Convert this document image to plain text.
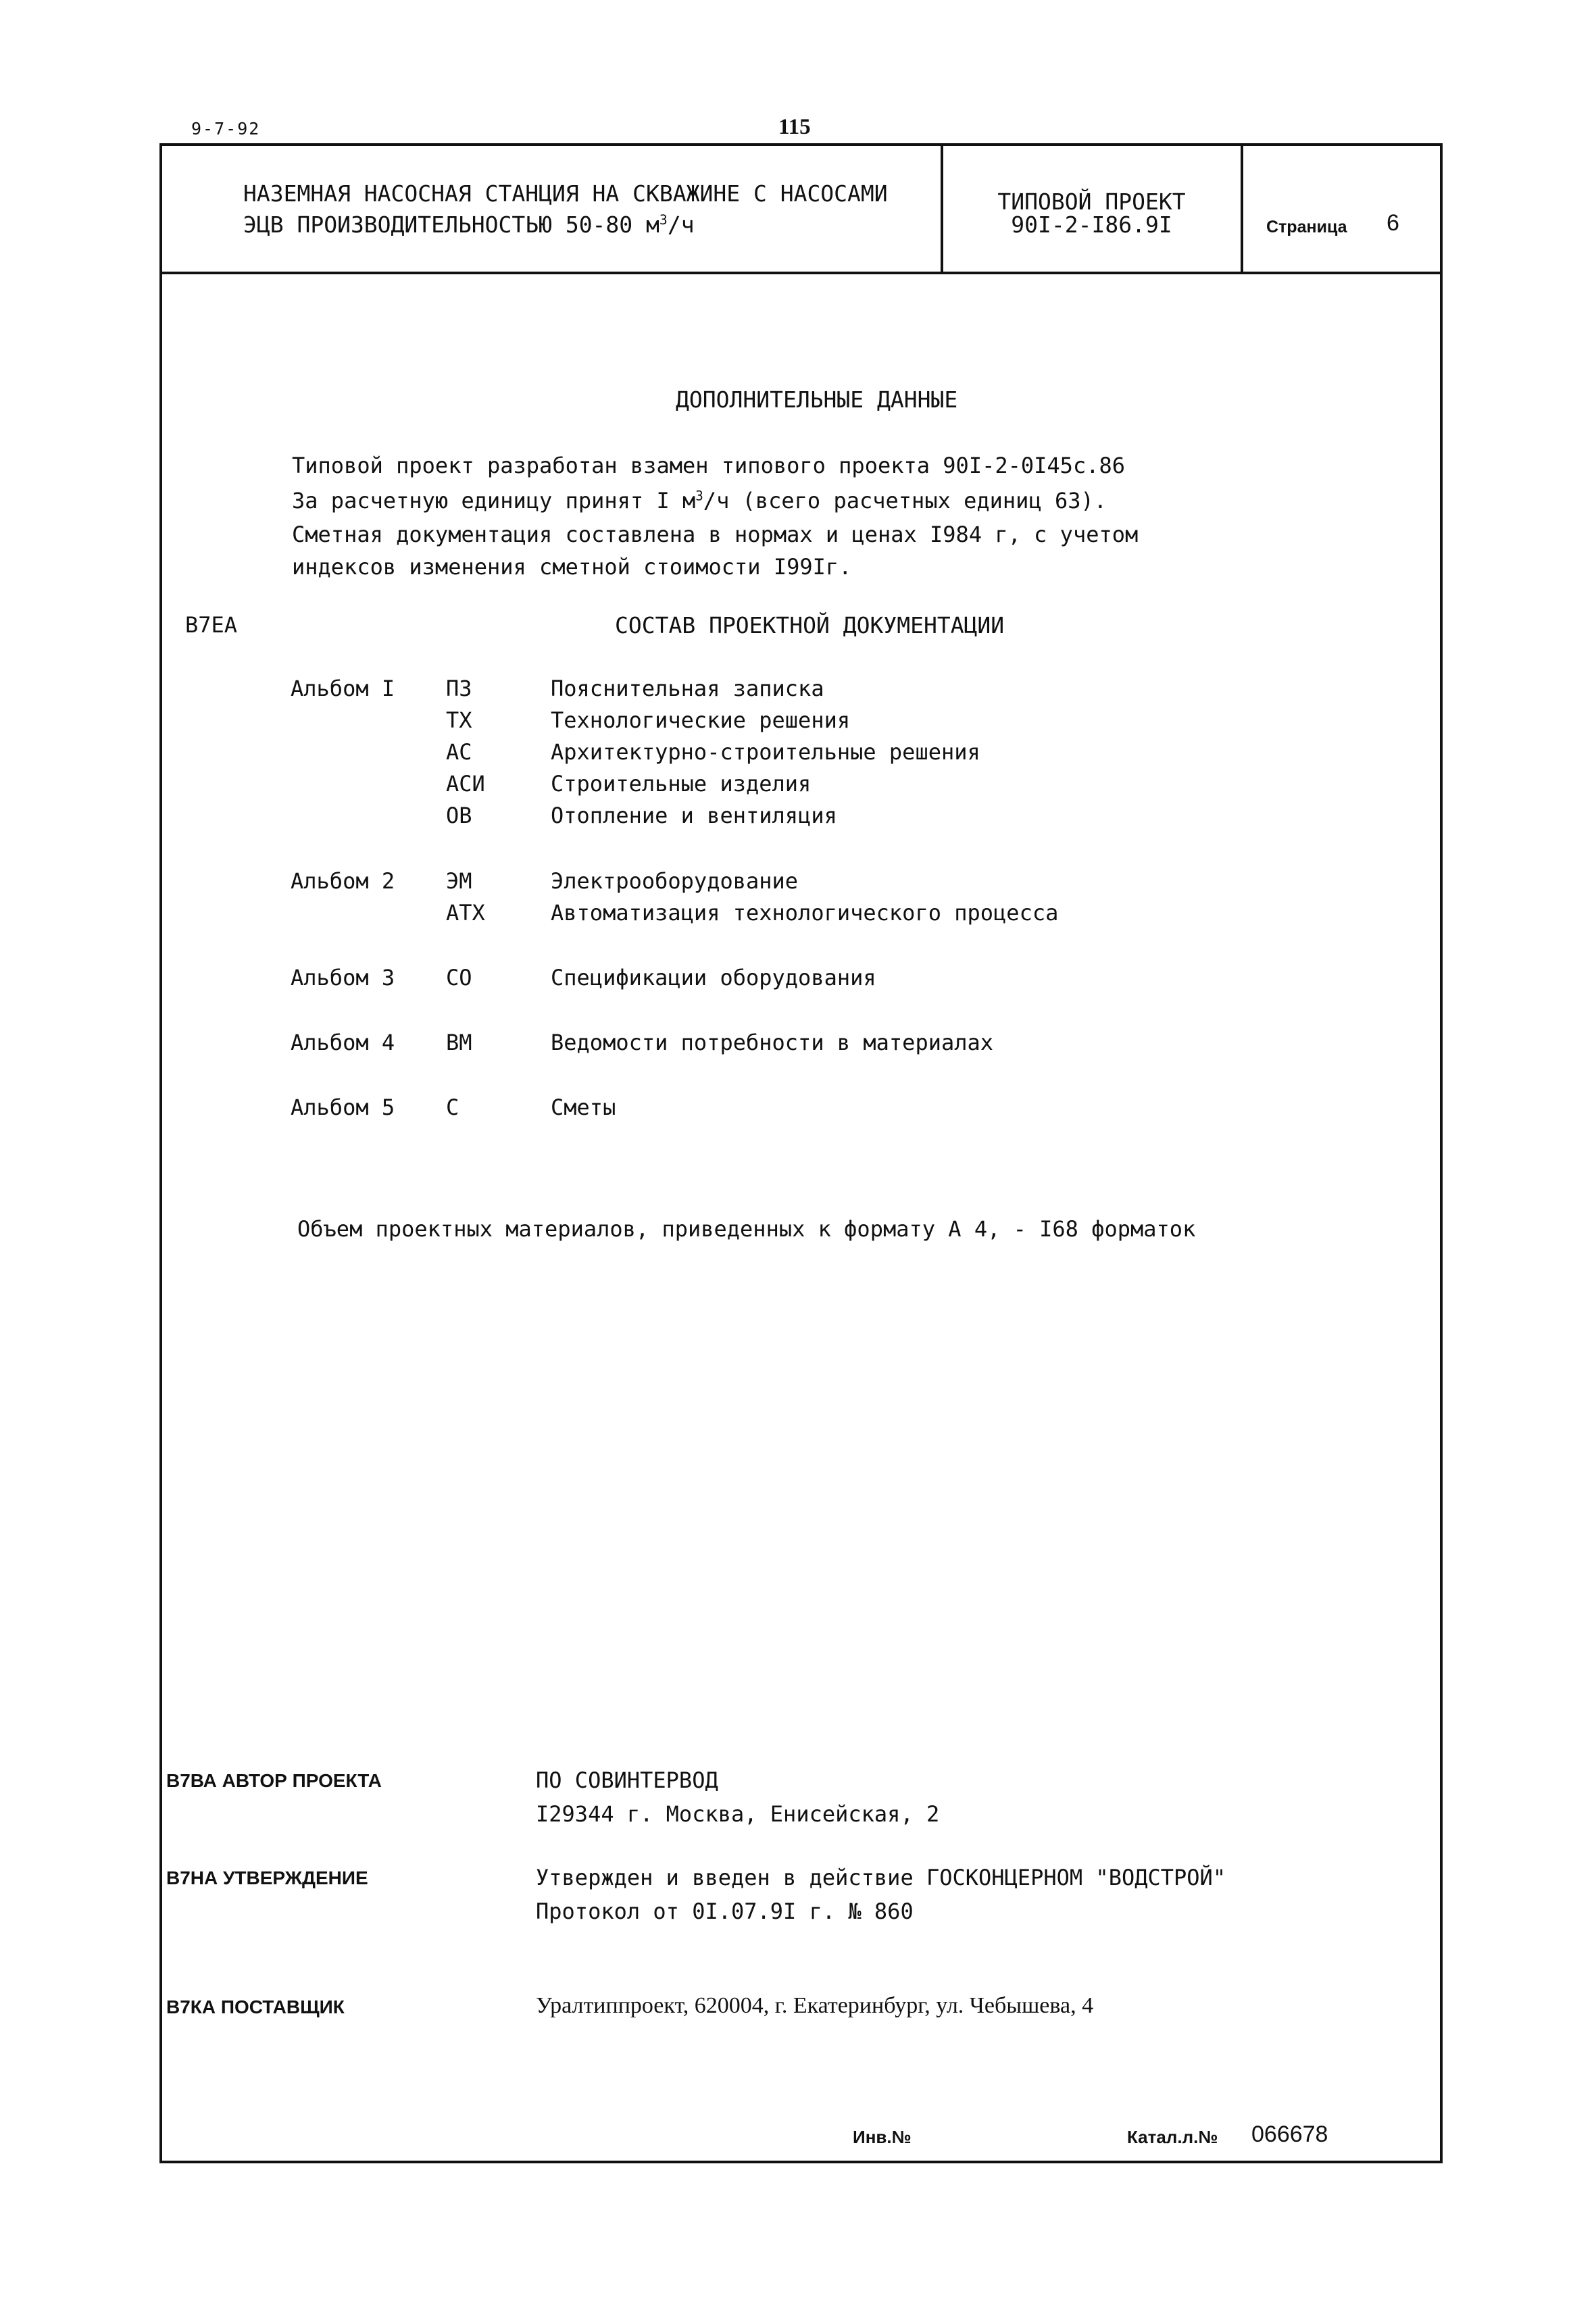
9-7-92	115
НАЗЕМНАЯ НАСОСНАЯ СТАНЦИЯ НА СКВАЖИНЕ С НАСОСАМИ
ЭЦВ ПРОИЗВОДИТЕЛЬНОСТЬЮ 50-80 $м^3/ч$
ТИПОВОЙ ПРОЕКТ
90I-2-I86.9I	Страница 6
ДОПОЛНИТЕЛЬНЫЕ ДАННЫЕ
Типовой проект разработан взамен типового проекта 90I-2-0I45с.86
За расчетную единицу принят I $м^3/ч$ (всего расчетных единиц 63).
Сметная документация составлена в нормах и ценах I984 г, с учетом
индексов изменения сметной стоимости I99Iг.
В7ЕА	СОСТАВ ПРОЕКТНОЙ ДОКУМЕНТАЦИИ
Альбом I ПЗ	Пояснительная записка
ТХ	Технологические решения
АС	Архитектурно-строительные решения
АСИ	Строительные изделия
ОВ	Отопление и вентиляция
Альбом 2 ЭМ	Электрооборудование
АТХ	Автоматизация технологического процесса
Альбом 3 СО	Спецификации оборудования
Альбом 4 ВМ	Ведомости потребности в материалах
Альбом 5 С	Сметы
Объем проектных материалов, приведенных к формату А 4, - I68 форматок
В7ВА АВТОР ПРОЕКТА	ПО СОВИНТЕРВОД
I29344 г. Москва, Енисейская, 2
В7НА УТВЕРЖДЕНИЕ	Утвержден и введен в действие ГОСКОНЦЕРНОМ "ВОДСТРОЙ"
Протокол от 0I.07.9I г. № 860
В7КА ПОСТАВЩИК	Уралтиппроект, 620004, г. Екатеринбург, ул. Чебышева, 4
Инв.№	Катал.л.№ 066678
